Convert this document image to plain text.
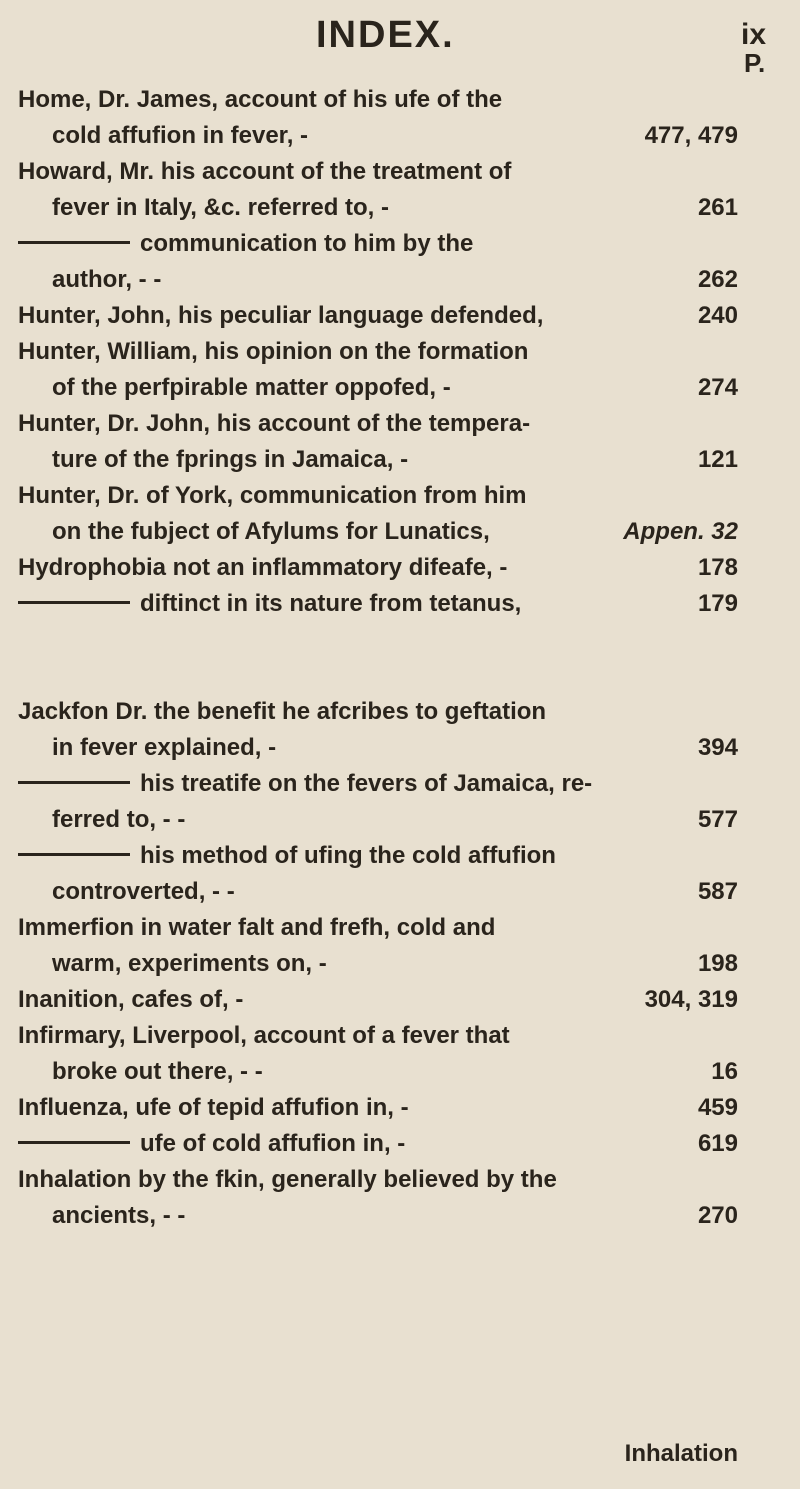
INDEX.	ix
P.
Home, Dr. James, account of his ufe of the
cold affufion in fever, -	477, 479
Howard, Mr. his account of the treatment of
fever in Italy, &c. referred to, -	261
communication to him by the
author, - -	262
Hunter, John, his peculiar language defended,	240
Hunter, William, his opinion on the formation
of the perfpirable matter oppofed, -	274
Hunter, Dr. John, his account of the tempera-
ture of the fprings in Jamaica, -	121
Hunter, Dr. of York, communication from him
on the fubject of Afylums for Lunatics,	Appen. 32
Hydrophobia not an inflammatory difeafe, -	178
diftinct in its nature from tetanus,	179
Jackfon Dr. the benefit he afcribes to geftation
in fever explained, -	394
his treatife on the fevers of Jamaica, re-
ferred to, - -	577
his method of ufing the cold affufion
controverted, - -	587
Immerfion in water falt and frefh, cold and
warm, experiments on, -	198
Inanition, cafes of, -	304, 319
Infirmary, Liverpool, account of a fever that
broke out there, - -	16
Influenza, ufe of tepid affufion in, -	459
ufe of cold affufion in, -	619
Inhalation by the fkin, generally believed by the
ancients, - -	270
Inhalation
